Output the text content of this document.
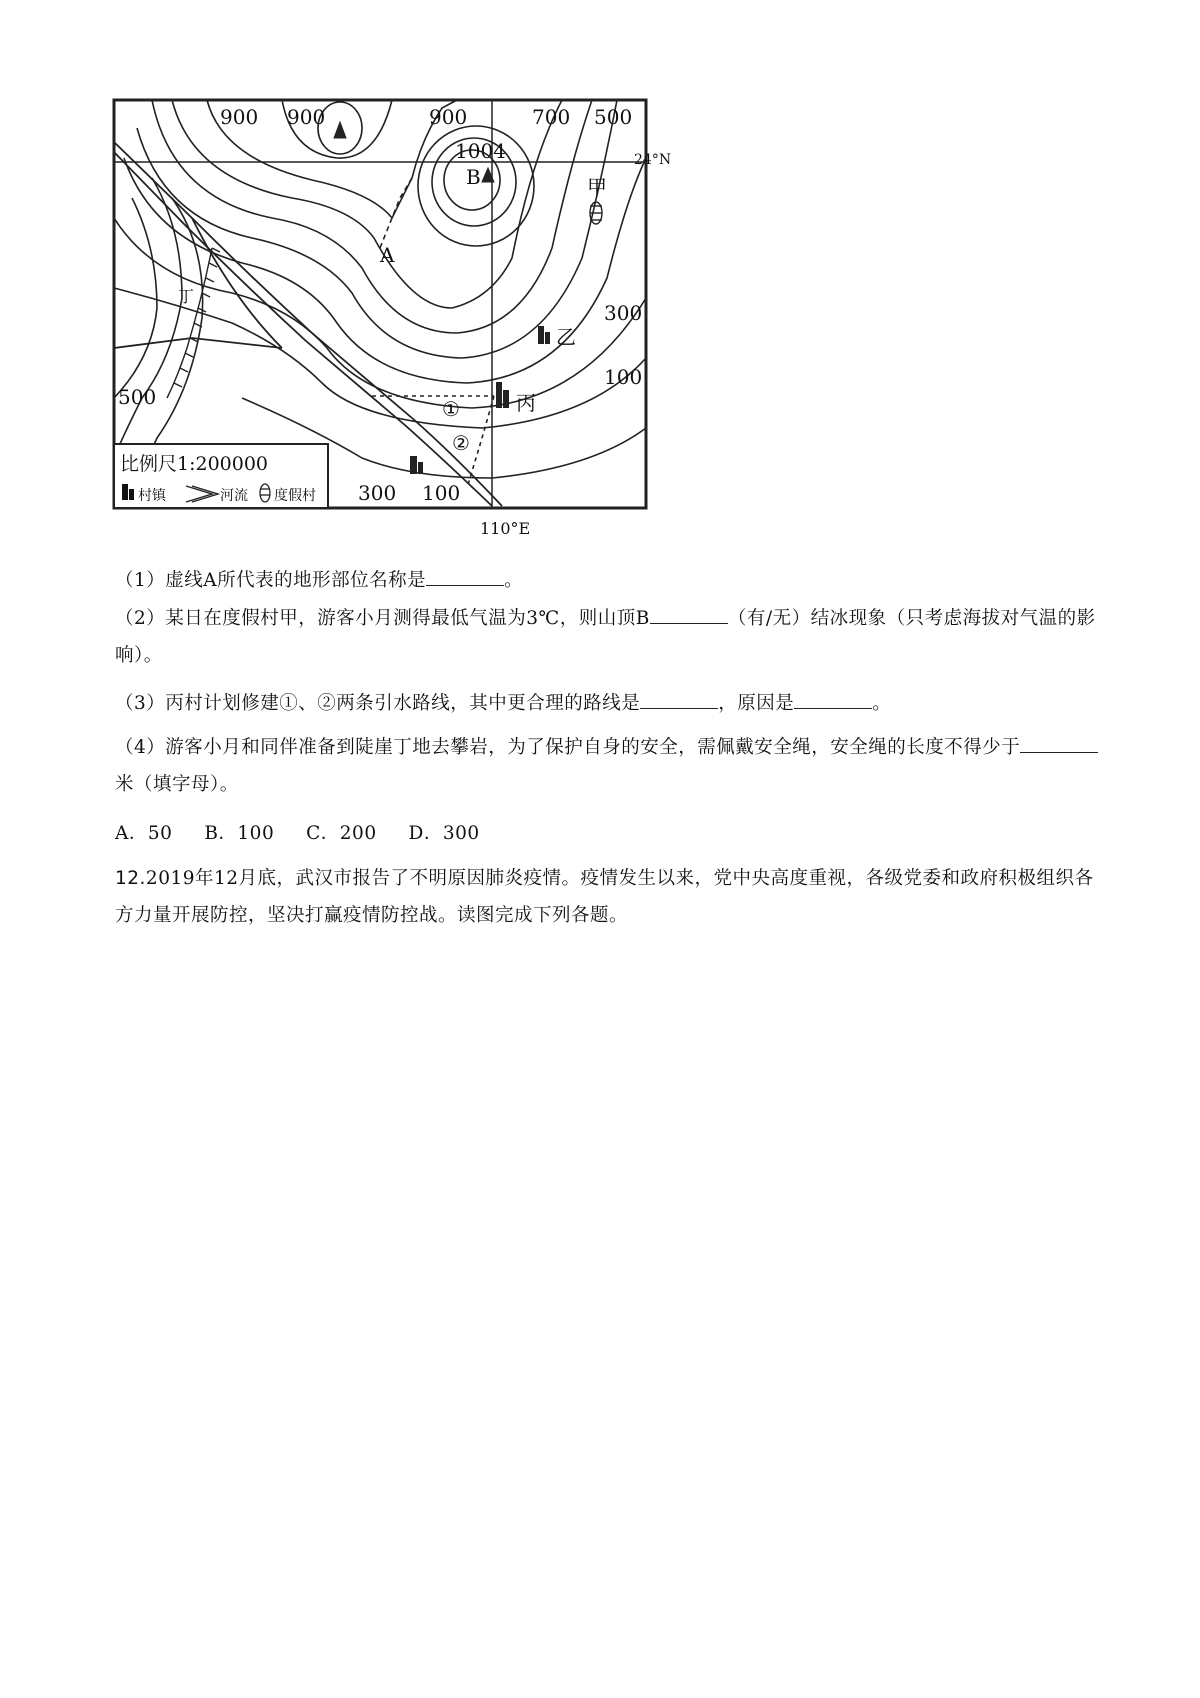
900 900	900	700 500
1004
300
100
500
300 100
B
A
甲
乙
丙
丁
①
②
24°N
110°E
比例尺1:200000
村镇	河流 度假村
（1）虚线A所代表的地形部位名称是	。
（2）某日在度假村甲，游客小月测得最低气温为3℃，则山顶B	（有/无）结冰现象（只考虑海拔对气温的影响）。
（3）丙村计划修建①、②两条引水路线，其中更合理的路线是	，原因是	。
（4）游客小月和同伴准备到陡崖丁地去攀岩，为了保护自身的安全，需佩戴安全绳，安全绳的长度不得少于米（填字母）。
A．50 B．100 C．200 D．300
12.2019年12月底，武汉市报告了不明原因肺炎疫情。疫情发生以来，党中央高度重视，各级党委和政府积极组织各方力量开展防控，坚决打赢疫情防控战。读图完成下列各题。
